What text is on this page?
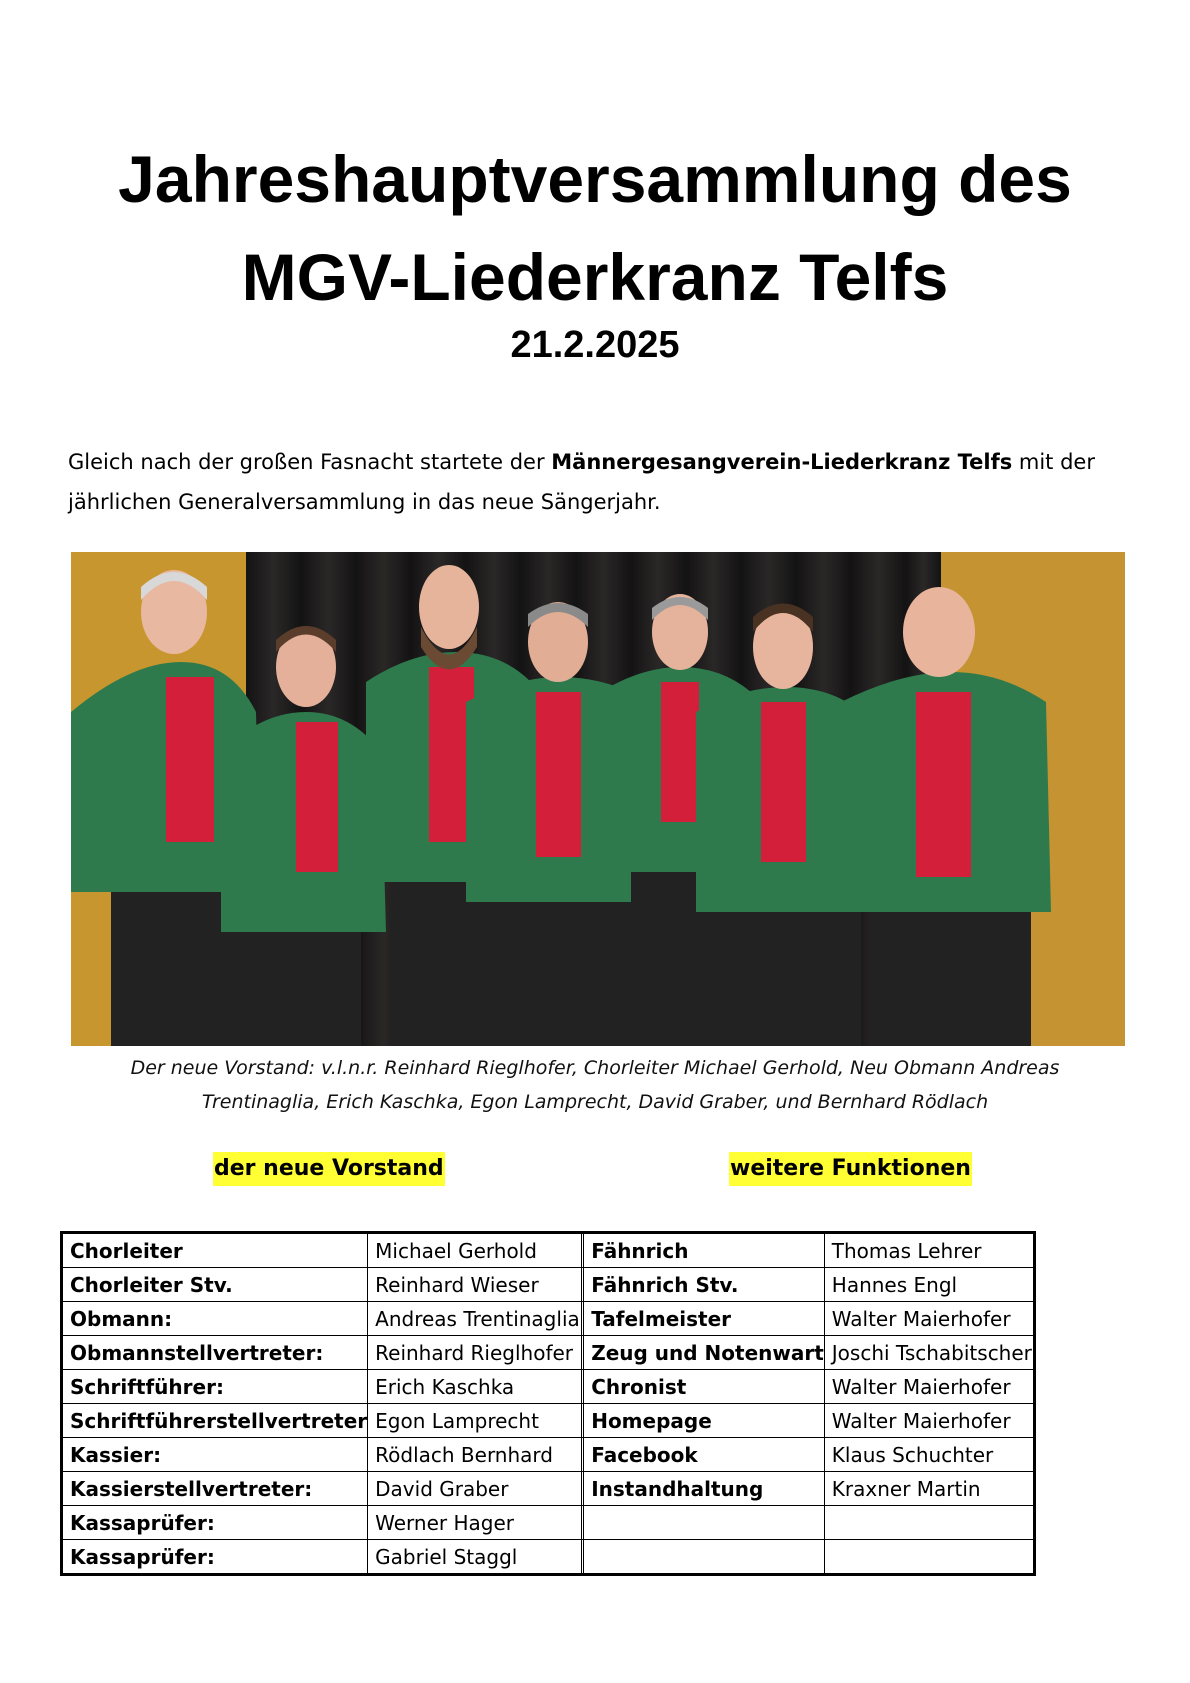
Jahreshauptversammlung des
MGV-Liederkranz Telfs
21.2.2025
Gleich nach der großen Fasnacht startete der Männergesangverein-Liederkranz Telfs mit der jährlichen Generalversammlung in das neue Sängerjahr.
Der neue Vorstand: v.l.n.r. Reinhard Rieglhofer, Chorleiter Michael Gerhold, Neu Obmann Andreas
Trentinaglia, Erich Kaschka, Egon Lamprecht, David Graber, und Bernhard Rödlach
der neue Vorstand	weitere Funktionen
Chorleiter	Michael Gerhold		Fähnrich	Thomas Lehrer
Chorleiter Stv.	Reinhard Wieser		Fähnrich Stv.	Hannes Engl
Obmann:	Andreas Trentinaglia		Tafelmeister	Walter Maierhofer
Obmannstellvertreter:	Reinhard Rieglhofer		Zeug und Notenwart	Joschi Tschabitscher
Schriftführer:	Erich Kaschka		Chronist	Walter Maierhofer
Schriftführerstellvertreter	Egon Lamprecht		Homepage	Walter Maierhofer
Kassier:	Rödlach Bernhard		Facebook	Klaus Schuchter
Kassierstellvertreter:	David Graber		Instandhaltung	Kraxner Martin
Kassaprüfer:	Werner Hager			
Kassaprüfer:	Gabriel Staggl			
